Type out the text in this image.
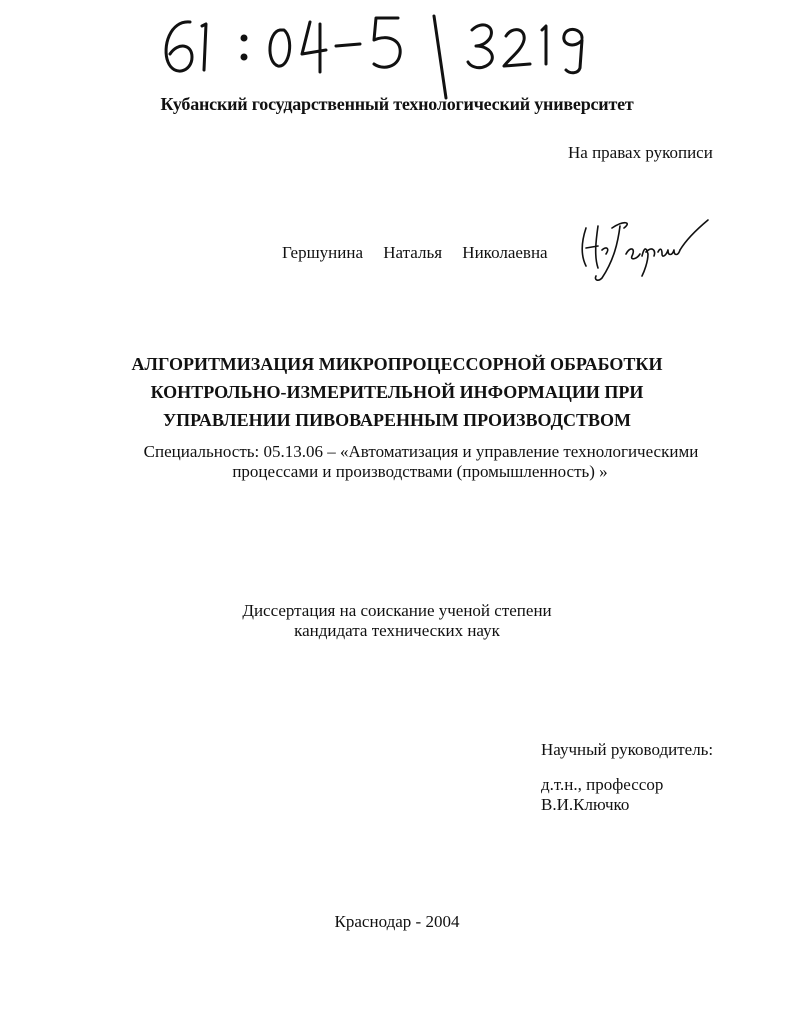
Кубанский государственный технологический университет
На правах рукописи
Гершунина Наталья Николаевна
АЛГОРИТМИЗАЦИЯ МИКРОПРОЦЕССОРНОЙ ОБРАБОТКИ
КОНТРОЛЬНО-ИЗМЕРИТЕЛЬНОЙ ИНФОРМАЦИИ ПРИ
УПРАВЛЕНИИ ПИВОВАРЕННЫМ ПРОИЗВОДСТВОМ
Специальность: 05.13.06 – «Автоматизация и управление технологическими
процессами и производствами (промышленность) »
Диссертация на соискание ученой степени
кандидата технических наук
Научный руководитель:
д.т.н., профессор
В.И.Ключко
Краснодар - 2004
